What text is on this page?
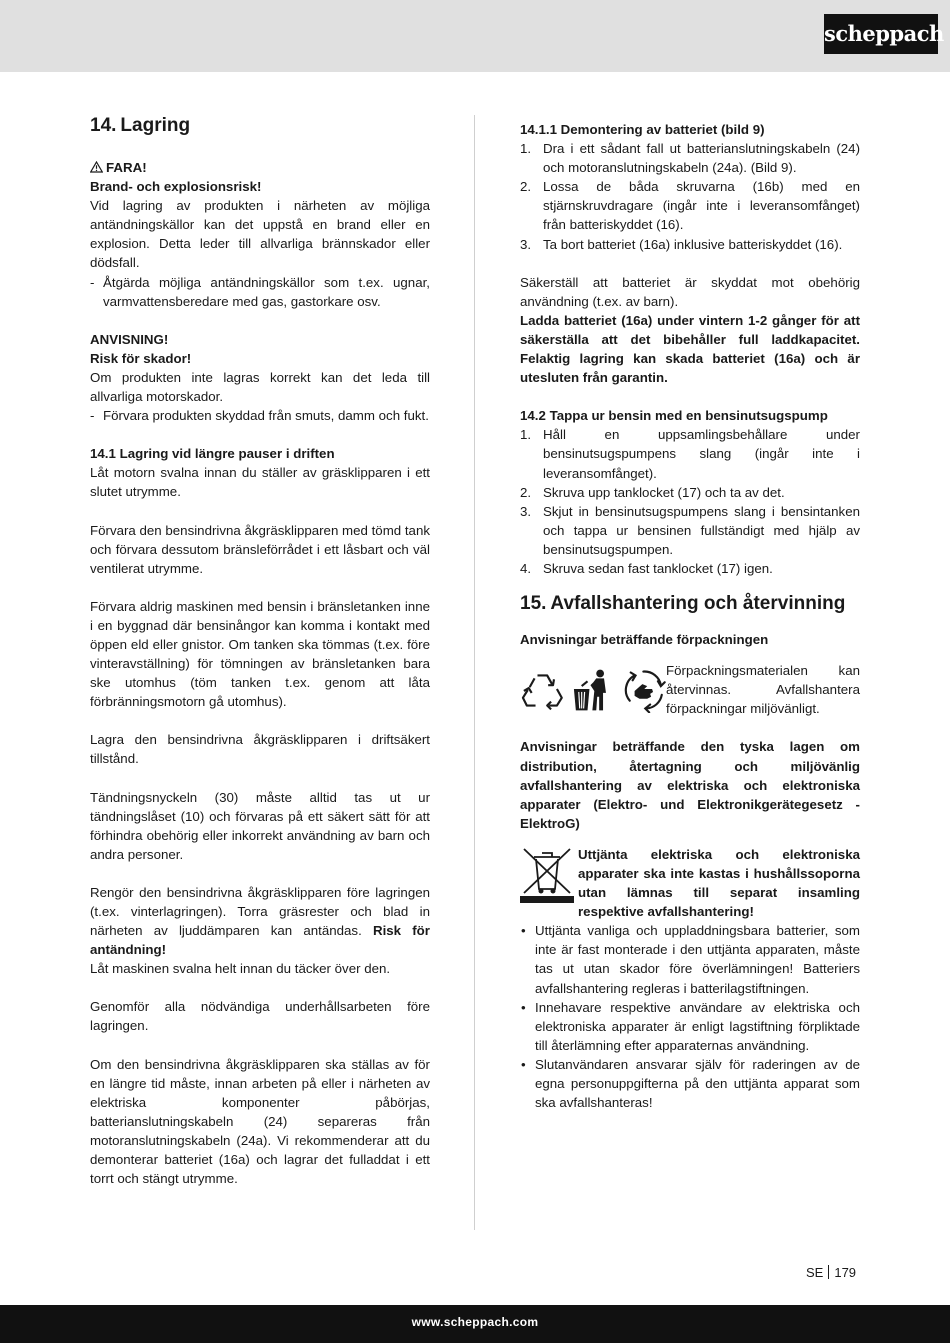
scheppach
14. Lagring
FARA!
Brand- och explosionsrisk!

Vid lagring av produkten i närheten av möjliga antändningskällor kan det uppstå en brand eller en explosion. Detta leder till allvarliga brännskador eller dödsfall.

- Åtgärda möjliga antändningskällor som t.ex. ugnar, varmvattensberedare med gas, gastorkare osv.
ANVISNING!
Risk för skador!

Om produkten inte lagras korrekt kan det leda till allvarliga motorskador.

- Förvara produkten skyddad från smuts, damm och fukt.
14.1 Lagring vid längre pauser i driften

Låt motorn svalna innan du ställer av gräsklipparen i ett slutet utrymme.

Förvara den bensindrivna åkgräsklipparen med tömd tank och förvara dessutom bränsleförrådet i ett låsbart och väl ventilerat utrymme.

Förvara aldrig maskinen med bensin i bränsletanken inne i en byggnad där bensinångor kan komma i kontakt med öppen eld eller gnistor. Om tanken ska tömmas (t.ex. före vinteravställning) för tömningen av bränsletanken bara ske utomhus (töm tanken t.ex. genom att låta förbränningsmotorn gå utomhus).

Lagra den bensindrivna åkgräsklipparen i driftsäkert tillstånd.

Tändningsnyckeln (30) måste alltid tas ut ur tändningslåset (10) och förvaras på ett säkert sätt för att förhindra obehörig eller inkorrekt användning av barn och andra personer.

Rengör den bensindrivna åkgräsklipparen före lagringen (t.ex. vinterlagringen). Torra gräsrester och blad in närheten av ljuddämparen kan antändas. Risk för antändning!

Låt maskinen svalna helt innan du täcker över den.

Genomför alla nödvändiga underhållsarbeten före lagringen.

Om den bensindrivna åkgräsklipparen ska ställas av för en längre tid måste, innan arbeten på eller i närheten av elektriska komponenter påbörjas, batterianslutningskabeln (24) separeras från motoranslutningskabeln (24a). Vi rekommenderar att du demonterar batteriet (16a) och lagrar det fulladdat i ett torrt och stängt utrymme.

14.1.1 Demontering av batteriet (bild 9)
1. Dra i ett sådant fall ut batterianslutningskabeln (24) och motoranslutningskabeln (24a). (Bild 9).
2. Lossa de båda skruvarna (16b) med en stjärnskruvdragare (ingår inte i leveransomfånget) från batteriskyddet (16).
3. Ta bort batteriet (16a) inklusive batteriskyddet (16).

Säkerställ att batteriet är skyddat mot obehörig användning (t.ex. av barn).

Ladda batteriet (16a) under vintern 1-2 gånger för att säkerställa att det bibehåller full laddkapacitet. Felaktig lagring kan skada batteriet (16a) och är utesluten från garantin.

14.2 Tappa ur bensin med en bensinutsugspump
1. Håll en uppsamlingsbehållare under bensinutsugspumpens slang (ingår inte i leveransomfånget).
2. Skruva upp tanklocket (17) och ta av det.
3. Skjut in bensinutsugspumpens slang i bensintanken och tappa ur bensinen fullständigt med hjälp av bensinutsugspumpen.
4. Skruva sedan fast tanklocket (17) igen.
15. Avfallshantering och återvinning
Anvisningar beträffande förpackningen
Förpackningsmaterialen kan återvinnas. Avfallshantera förpackningar miljövänligt.
Anvisningar beträffande den tyska lagen om distribution, återtagning och miljövänlig avfallshantering av elektriska och elektroniska apparater (Elektro- und Elektronikgerätegesetz - ElektroG)
Uttjänta elektriska och elektroniska apparater ska inte kastas i hushållssoporna utan lämnas till separat insamling respektive avfallshantering!
• Uttjänta vanliga och uppladdningsbara batterier, som inte är fast monterade i den uttjänta apparaten, måste tas ut utan skador före överlämningen! Batteriers avfallshantering regleras i batterilagstiftningen.
• Innehavare respektive användare av elektriska och elektroniska apparater är enligt lagstiftning förpliktade till återlämning efter apparaternas användning.
• Slutanvändaren ansvarar själv för raderingen av de egna personuppgifterna på den uttjänta apparat som ska avfallshanteras!
SE 179
www.scheppach.com
